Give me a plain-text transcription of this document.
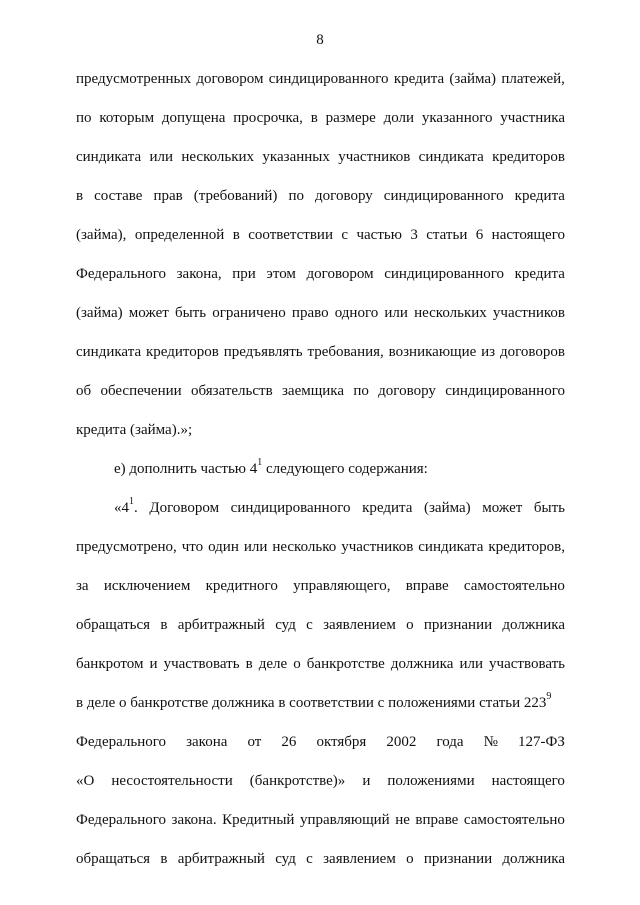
8
предусмотренных договором синдицированного кредита (займа) платежей,
по которым допущена просрочка, в размере доли указанного участника
синдиката или нескольких указанных участников синдиката кредиторов
в составе прав (требований) по договору синдицированного кредита
(займа), определенной в соответствии с частью 3 статьи 6 настоящего
Федерального закона, при этом договором синдицированного кредита
(займа) может быть ограничено право одного или нескольких участников
синдиката кредиторов предъявлять требования, возникающие из договоров
об обеспечении обязательств заемщика по договору синдицированного
кредита (займа).»;
е) дополнить частью $4^1$ следующего содержания:
«$4^1$. Договором синдицированного кредита (займа) может быть
предусмотрено, что один или несколько участников синдиката кредиторов,
за исключением кредитного управляющего, вправе самостоятельно
обращаться в арбитражный суд с заявлением о признании должника
банкротом и участвовать в деле о банкротстве должника или участвовать
в деле о банкротстве должника в соответствии с положениями статьи $223^9$
Федерального закона от 26 октября 2002 года № 127-ФЗ
«О несостоятельности (банкротстве)» и положениями настоящего
Федерального закона. Кредитный управляющий не вправе самостоятельно
обращаться в арбитражный суд с заявлением о признании должника
